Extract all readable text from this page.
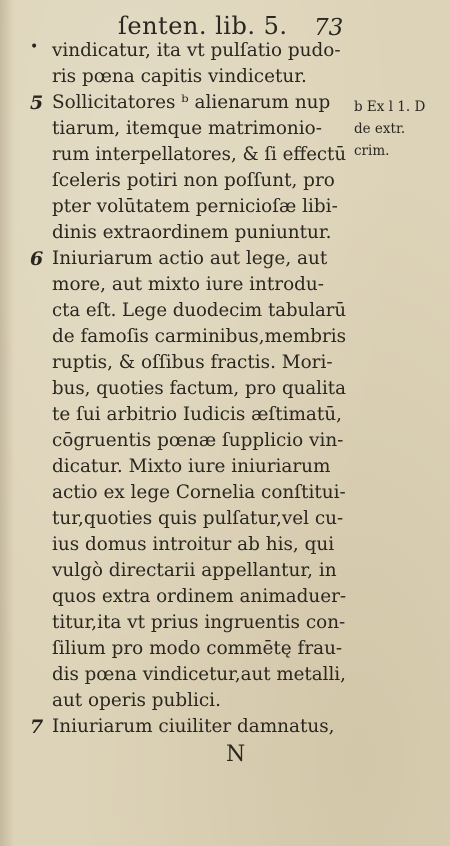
ſenten. lib. 5. 73
• vindicatur, ita vt pulſatio pudo-
ris pœna capitis vindicetur.
5 Sollicitatores ᵇ alienarum nup
tiarum, itemque matrimonio-
rum interpellatores, & ſi effectū
ſceleris potiri non poſſunt, pro
pter volūtatem pernicioſæ libi-
dinis extraordinem puniuntur.
6 Iniuriarum actio aut lege, aut
more, aut mixto iure introdu-
cta eſt. Lege duodecim tabularū
de famoſis carminibus,membris
ruptis, & oſſibus fractis. Mori-
bus, quoties factum, pro qualita
te ſui arbitrio Iudicis æſtimatū,
cōgruentis pœnæ ſupplicio vin-
dicatur. Mixto iure iniuriarum
actio ex lege Cornelia conſtitui-
tur,quoties quis pulſatur,vel cu-
ius domus introitur ab his, qui
vulgò directarii appellantur, in
quos extra ordinem animaduer-
titur,ita vt prius ingruentis con-
ſilium pro modo commētę frau-
dis pœna vindicetur,aut metalli,
aut operis publici.
7 Iniuriarum ciuiliter damnatus,
b Ex l 1. D
de extr.
crim.
N
